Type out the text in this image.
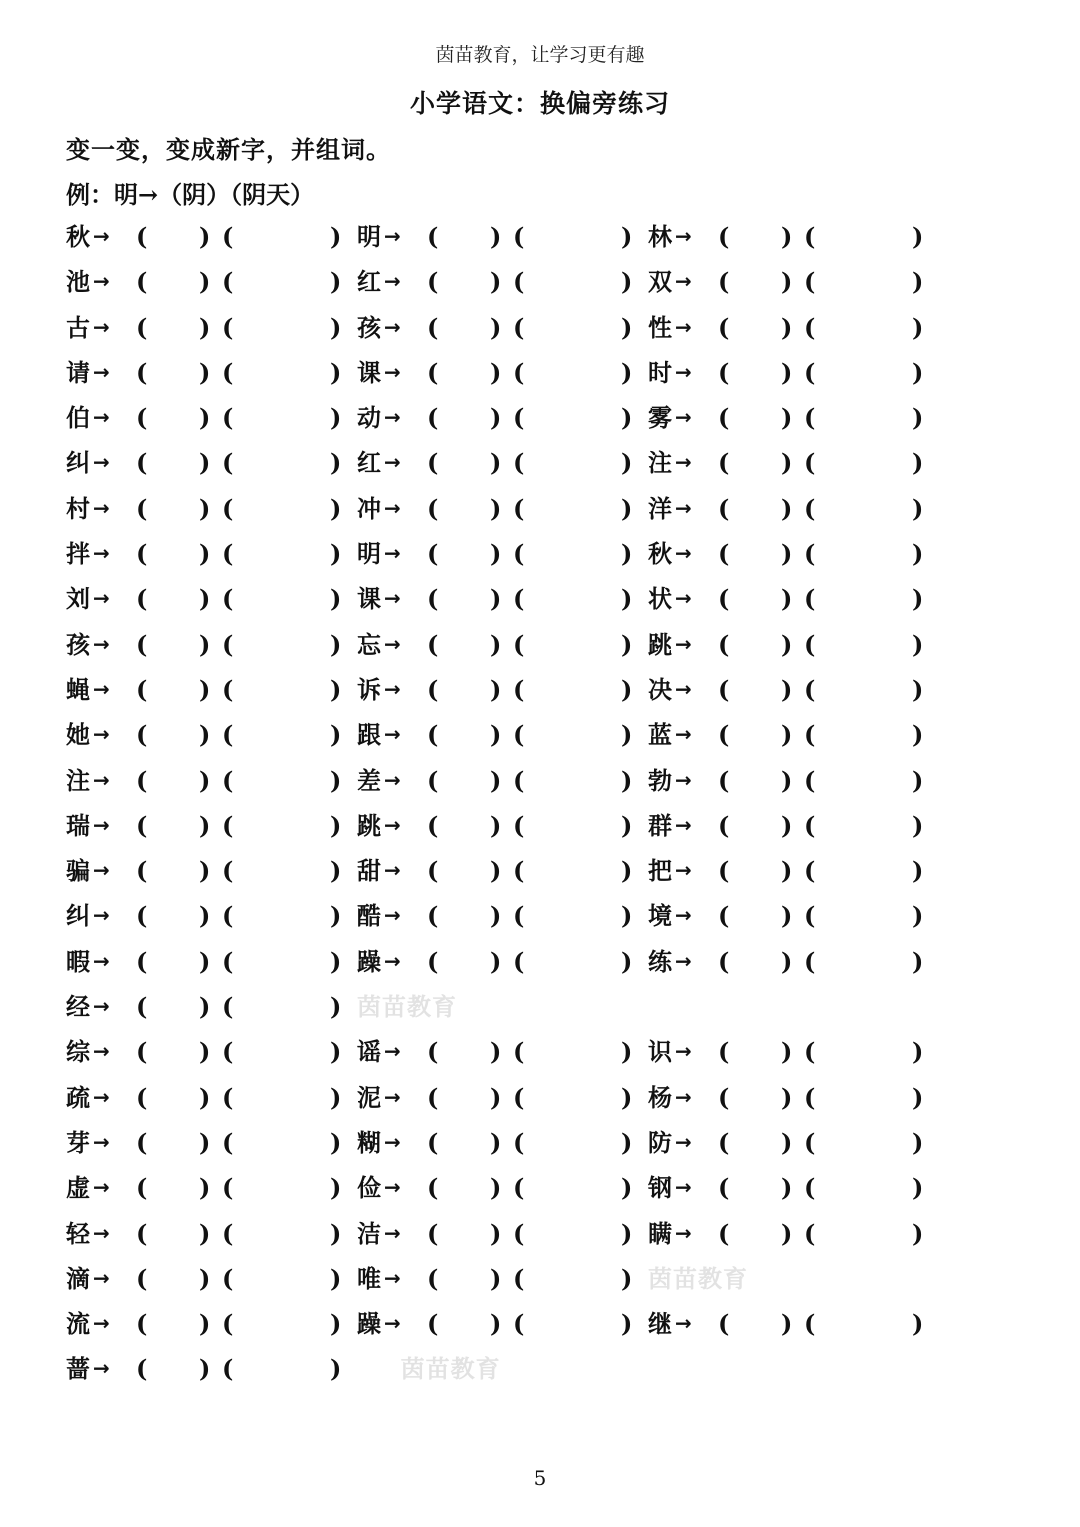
茵苗教育，让学习更有趣
小学语文：换偏旁练习
变一变，变成新字，并组词。
例：明→（阴）（阴天）
秋 → ( ) (	) 明 → ( ) (	) 林 → ( ) (	)
池 → ( ) (	) 红 → ( ) (	) 双 → ( ) (	)
古 → ( ) (	) 孩 → ( ) (	) 性 → ( ) (	)
请 → ( ) (	) 课 → ( ) (	) 时 → ( ) (	)
伯 → ( ) (	) 动 → ( ) (	) 雾 → ( ) (	)
纠 → ( ) (	) 红 → ( ) (	) 注 → ( ) (	)
村 → ( ) (	) 冲 → ( ) (	) 洋 → ( ) (	)
拌 → ( ) (	) 明 → ( ) (	) 秋 → ( ) (	)
刘 → ( ) (	) 课 → ( ) (	) 状 → ( ) (	)
孩 → ( ) (	) 忘 → ( ) (	) 跳 → ( ) (	)
蝇 → ( ) (	) 诉 → ( ) (	) 决 → ( ) (	)
她 → ( ) (	) 跟 → ( ) (	) 蓝 → ( ) (	)
注 → ( ) (	) 差 → ( ) (	) 勃 → ( ) (	)
瑞 → ( ) (	) 跳 → ( ) (	) 群 → ( ) (	)
骗 → ( ) (	) 甜 → ( ) (	) 把 → ( ) (	)
纠 → ( ) (	) 酷 → ( ) (	) 境 → ( ) (	)
暇 → ( ) (	) 躁 → ( ) (	) 练 → ( ) (	)
经 → ( ) (	) 茵苗教育
综 → ( ) (	) 谣 → ( ) (	) 识 → ( ) (	)
疏 → ( ) (	) 泥 → ( ) (	) 杨 → ( ) (	)
芽 → ( ) (	) 糊 → ( ) (	) 防 → ( ) (	)
虚 → ( ) (	) 俭 → ( ) (	) 钢 → ( ) (	)
轻 → ( ) (	) 洁 → ( ) (	) 瞒 → ( ) (	)
滴 → ( ) (	) 唯 → ( ) (	) 茵苗教育
流 → ( ) (	) 躁 → ( ) (	) 继 → ( ) (	)
蔷 → ( ) (	) 茵苗教育
5
